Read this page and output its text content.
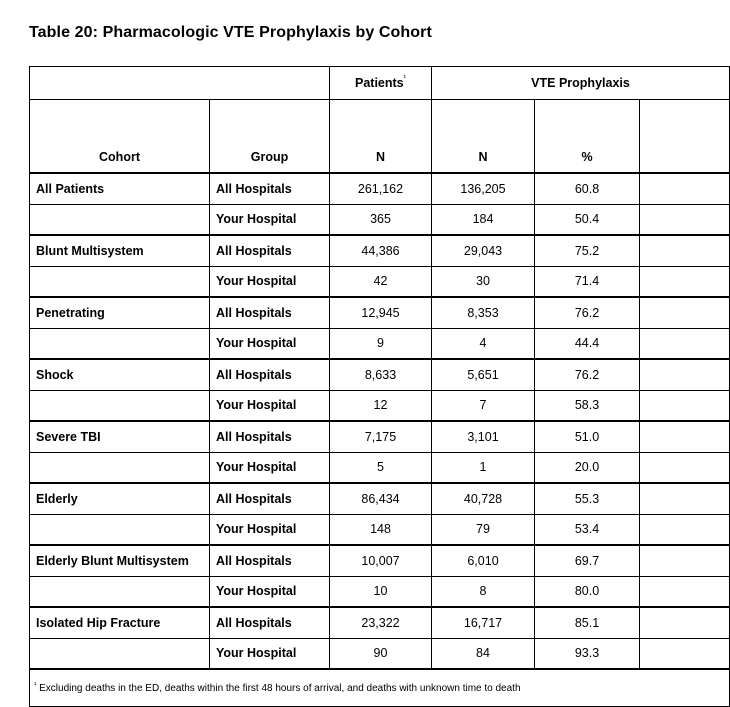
Table 20: Pharmacologic VTE Prophylaxis by Cohort
		Patients$^{^1}$	VTE Prophylaxis		
Cohort	Group	N	N	%	
All Patients	All Hospitals	261,162	136,205	60.8	
	Your Hospital	365	184	50.4	
Blunt Multisystem	All Hospitals	44,386	29,043	75.2	
	Your Hospital	42	30	71.4	
Penetrating	All Hospitals	12,945	8,353	76.2	
	Your Hospital	9	4	44.4	
Shock	All Hospitals	8,633	5,651	76.2	
	Your Hospital	12	7	58.3	
Severe TBI	All Hospitals	7,175	3,101	51.0	
	Your Hospital	5	1	20.0	
Elderly	All Hospitals	86,434	40,728	55.3	
	Your Hospital	148	79	53.4	
Elderly Blunt Multisystem	All Hospitals	10,007	6,010	69.7	
	Your Hospital	10	8	80.0	
Isolated Hip Fracture	All Hospitals	23,322	16,717	85.1	
	Your Hospital	90	84	93.3	
$^{^1}$ Excluding deaths in the ED, deaths within the first 48 hours of arrival, and deaths with unknown time to death					
